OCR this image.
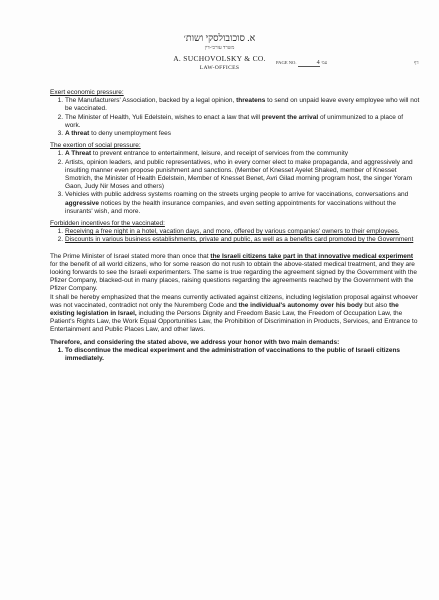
א. סוכובולסקי ושות׳
משרד עורכי-דין
A. SUCHOVOLSKY & CO.
LAW-OFFICES
PAGE NO.	4 עמ׳	דף

Exert economic pressure:

1. The Manufacturers' Association, backed by a legal opinion, threatens to send on unpaid leave every employee who will not be vaccinated.
2. The Minister of Health, Yuli Edelstein, wishes to enact a law that will prevent the arrival of unimmunized to a place of work.
3. A threat to deny unemployment fees

The exertion of social pressure:

1. A Threat to prevent entrance to entertainment, leisure, and receipt of services from the community
2. Artists, opinion leaders, and public representatives, who in every corner elect to make propaganda, and aggressively and insulting manner even propose punishment and sanctions. (Member of Knesset Ayelet Shaked, member of Knesset Smotrich, the Minister of Health Edelstein, Member of Knesset Benet, Avri Gilad morning program host, the singer Yoram Gaon, Judy Nir Moses and others)
3. Vehicles with public address systems roaming on the streets urging people to arrive for vaccinations, conversations and aggressive notices by the health insurance companies, and even setting appointments for vaccinations without the insurants' wish, and more.

Forbidden incentives for the vaccinated:

1. Receiving a free night in a hotel, vacation days, and more, offered by various companies' owners to their employees.
2. Discounts in various business establishments, private and public, as well as a benefits card promoted by the Government

The Prime Minister of Israel stated more than once that the Israeli citizens take part in that innovative medical experiment for the benefit of all world citizens, who for some reason do not rush to obtain the above-stated medical treatment, and they are looking forwards to see the Israeli experimenters. The same is true regarding the agreement signed by the Government with the Pfizer Company, blacked-out in many places, raising questions regarding the agreements reached by the Government with the Pfizer Company.

It shall be hereby emphasized that the means currently activated against citizens, including legislation proposal against whoever was not vaccinated, contradict not only the Nuremberg Code and the individual's autonomy over his body but also the existing legislation in Israel, including the Persons Dignity and Freedom Basic Law, the Freedom of Occupation Law, the Patient's Rights Law, the Work Equal Opportunities Law, the Prohibition of Discrimination in Products, Services, and Entrance to Entertainment and Public Places Law, and other laws.

Therefore, and considering the stated above, we address your honor with two main demands:

1. To discontinue the medical experiment and the administration of vaccinations to the public of Israeli citizens immediately.
